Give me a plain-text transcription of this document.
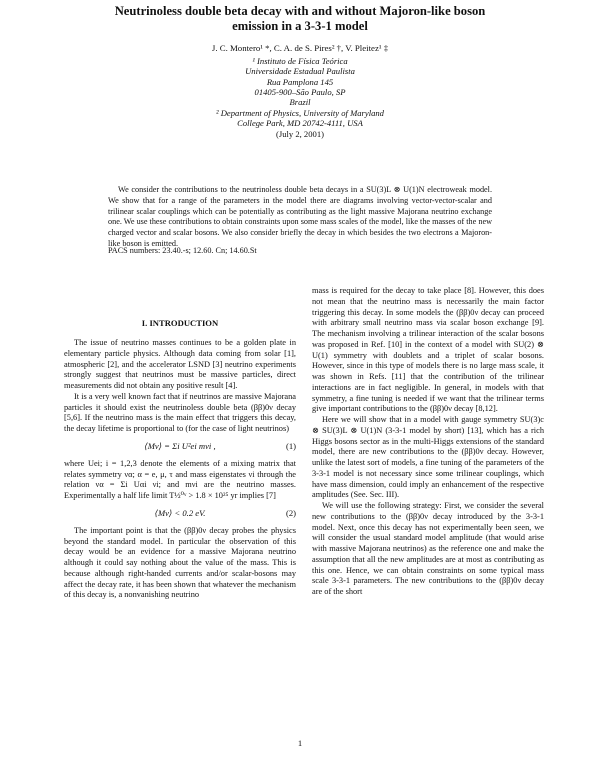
Neutrinoless double beta decay with and without Majoron-like boson
emission in a 3-3-1 model
J. C. Montero¹ *, C. A. de S. Pires² †, V. Pleitez¹ ‡
¹ Instituto de Física Teórica
Universidade Estadual Paulista
Rua Pamplona 145
01405-900–São Paulo, SP
Brazil
² Department of Physics, University of Maryland
College Park, MD 20742-4111, USA
(July 2, 2001)

We consider the contributions to the neutrinoless double beta decays in a SU(3)L ⊗ U(1)N electroweak model. We show that for a range of the parameters in the model there are diagrams involving vector-vector-scalar and trilinear scalar couplings which can be potentially as contributing as the light massive Majorana neutrino exchange one. We use these contributions to obtain constraints upon some mass scales of the model, like the masses of the new charged vector and scalar bosons. We also consider briefly the decay in which besides the two electrons a Majoron-like boson is emitted.

PACS numbers: 23.40.-s; 12.60. Cn; 14.60.St
I. INTRODUCTION

The issue of neutrino masses continues to be a golden plate in elementary particle physics. Although data coming from solar [1], atmospheric [2], and the accelerator LSND [3] neutrino experiments strongly suggest that neutrinos must be massive particles, direct measurements did not obtain any positive result [4].

It is a very well known fact that if neutrinos are massive Majorana particles it should exist the neutrinoless double beta (ββ)0ν decay [5,6]. If the neutrino mass is the main effect that triggers this decay, the decay lifetime is proportional to (for the case of light neutrinos)

⟨Mν⟩ = Σi U²ei mνi ,	(1)

where Uei; i = 1,2,3 denote the elements of a mixing matrix that relates symmetry να; α = e, μ, τ and mass eigenstates νi through the relation να = Σi Uαi νi; and mνi are the neutrino masses. Experimentally a half life limit T½⁰ᵛ > 1.8 × 10²⁵ yr implies [7]

⟨Mν⟩ < 0.2 eV.	(2)

The important point is that the (ββ)0ν decay probes the physics beyond the standard model. In particular the observation of this decay would be an evidence for a massive Majorana neutrino although it could say nothing about the value of the mass. This is because although right-handed currents and/or scalar-bosons may affect the decay rate, it has been shown that whatever the mechanism of this decay is, a nonvanishing neutrino

mass is required for the decay to take place [8]. However, this does not mean that the neutrino mass is necessarily the main factor triggering this decay. In some models the (ββ)0ν decay can proceed with arbitrary small neutrino mass via scalar boson exchange [9]. The mechanism involving a trilinear interaction of the scalar bosons was proposed in Ref. [10] in the context of a model with SU(2) ⊗ U(1) symmetry with doublets and a triplet of scalar bosons. However, since in this type of models there is no large mass scale, it was shown in Refs. [11] that the contribution of the trilinear interactions are in fact negligible. In general, in models with that symmetry, a fine tuning is needed if we want that the trilinear terms give important contributions to the (ββ)0ν decay [8,12].

Here we will show that in a model with gauge symmetry SU(3)c ⊗ SU(3)L ⊗ U(1)N (3-3-1 model by short) [13], which has a rich Higgs bosons sector as in the multi-Higgs extensions of the standard model, there are new contributions to the (ββ)0ν decay. However, unlike the latest sort of models, a fine tuning of the parameters of the 3-3-1 model is not necessary since some trilinear couplings, which have mass dimension, could imply an enhancement of the respective amplitudes (See. Sec. III).

We will use the following strategy: First, we consider the several new contributions to the (ββ)0ν decay introduced by the 3-3-1 model. Next, once this decay has not experimentally been seen, we will consider the usual standard model amplitude (that would arise with massive Majorana neutrinos) as the reference one and make the assumption that all the new amplitudes are at most as contributing as this one. Hence, we can obtain constraints on some typical mass scale 3-3-1 parameters. The new contributions to the (ββ)0ν decay are of the short

1
